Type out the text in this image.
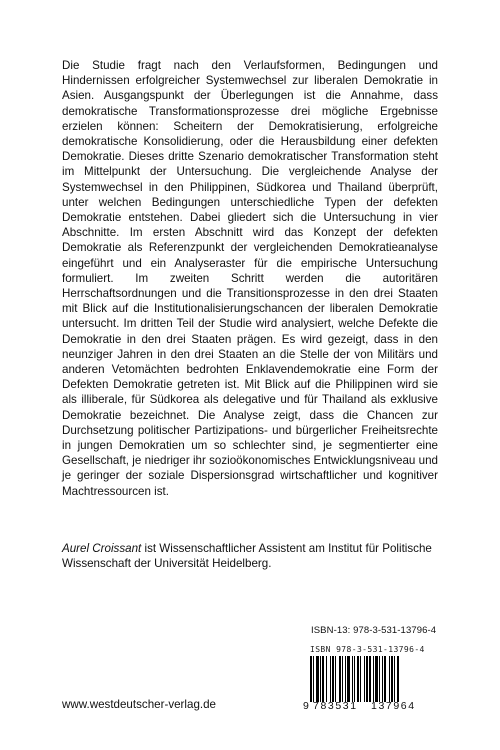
Die Studie fragt nach den Verlaufsformen, Bedingungen und Hindernissen erfolgreicher Systemwechsel zur liberalen Demokratie in Asien. Ausgangspunkt der Überlegungen ist die Annahme, dass demokratische Transformationsprozesse drei mögliche Ergebnisse erzielen können: Scheitern der Demokratisierung, erfolgreiche demokratische Konsolidierung, oder die Herausbildung einer defekten Demokratie. Dieses dritte Szenario demokratischer Transformation steht im Mittelpunkt der Untersuchung. Die vergleichende Analyse der Systemwechsel in den Philippinen, Südkorea und Thailand überprüft, unter welchen Bedingungen unterschiedliche Typen der defekten Demokratie entstehen. Dabei gliedert sich die Untersuchung in vier Abschnitte. Im ersten Abschnitt wird das Konzept der defekten Demokratie als Referenzpunkt der vergleichenden Demokratieanalyse eingeführt und ein Analyseraster für die empirische Untersuchung formuliert. Im zweiten Schritt werden die autoritären Herrschaftsordnungen und die Transitionsprozesse in den drei Staaten mit Blick auf die Institutionalisierungschancen der liberalen Demokratie untersucht. Im dritten Teil der Studie wird analysiert, welche Defekte die Demokratie in den drei Staaten prägen. Es wird gezeigt, dass in den neunziger Jahren in den drei Staaten an die Stelle der von Militärs und anderen Vetomächten bedrohten Enklavendemokratie eine Form der Defekten Demokratie getreten ist. Mit Blick auf die Philippinen wird sie als illiberale, für Südkorea als delegative und für Thailand als exklusive Demokratie bezeichnet. Die Analyse zeigt, dass die Chancen zur Durchsetzung politischer Partizipations- und bürgerlicher Freiheitsrechte in jungen Demokratien um so schlechter sind, je segmentierter eine Gesellschaft, je niedriger ihr sozioökonomisches Entwicklungsniveau und je geringer der soziale Dispersionsgrad wirtschaftlicher und kognitiver Machtressourcen ist.

Aurel Croissant ist Wissenschaftlicher Assistent am Institut für Politische Wissenschaft der Universität Heidelberg.

ISBN-13: 978-3-531-13796-4
ISBN 978-3-531-13796-4
9 783531	137964
www.westdeutscher-verlag.de
